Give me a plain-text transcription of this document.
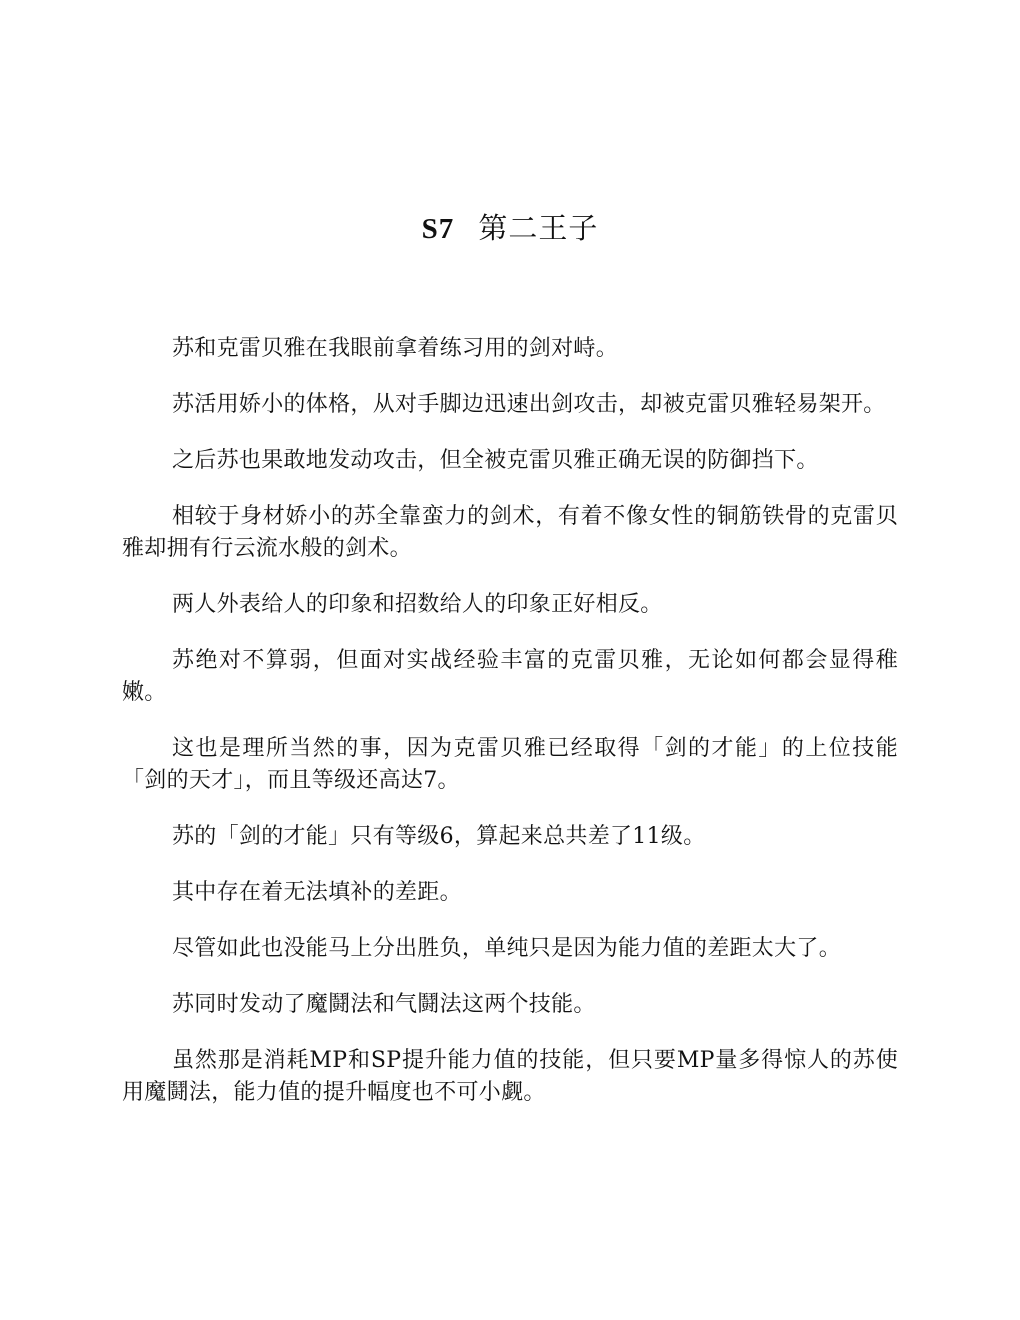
S7 第二王子

苏和克雷贝雅在我眼前拿着练习用的剑对峙。

苏活用娇小的体格，从对手脚边迅速出剑攻击，却被克雷贝雅轻易架开。

之后苏也果敢地发动攻击，但全被克雷贝雅正确无误的防御挡下。

相较于身材娇小的苏全靠蛮力的剑术，有着不像女性的铜筋铁骨的克雷贝雅却拥有行云流水般的剑术。

两人外表给人的印象和招数给人的印象正好相反。

苏绝对不算弱，但面对实战经验丰富的克雷贝雅，无论如何都会显得稚嫩。

这也是理所当然的事，因为克雷贝雅已经取得「剑的才能」的上位技能「剑的天才」，而且等级还高达7。

苏的「剑的才能」只有等级6，算起来总共差了11级。

其中存在着无法填补的差距。

尽管如此也没能马上分出胜负，单纯只是因为能力值的差距太大了。

苏同时发动了魔鬪法和气鬪法这两个技能。

虽然那是消耗MP和SP提升能力值的技能，但只要MP量多得惊人的苏使用魔鬪法，能力值的提升幅度也不可小觑。
